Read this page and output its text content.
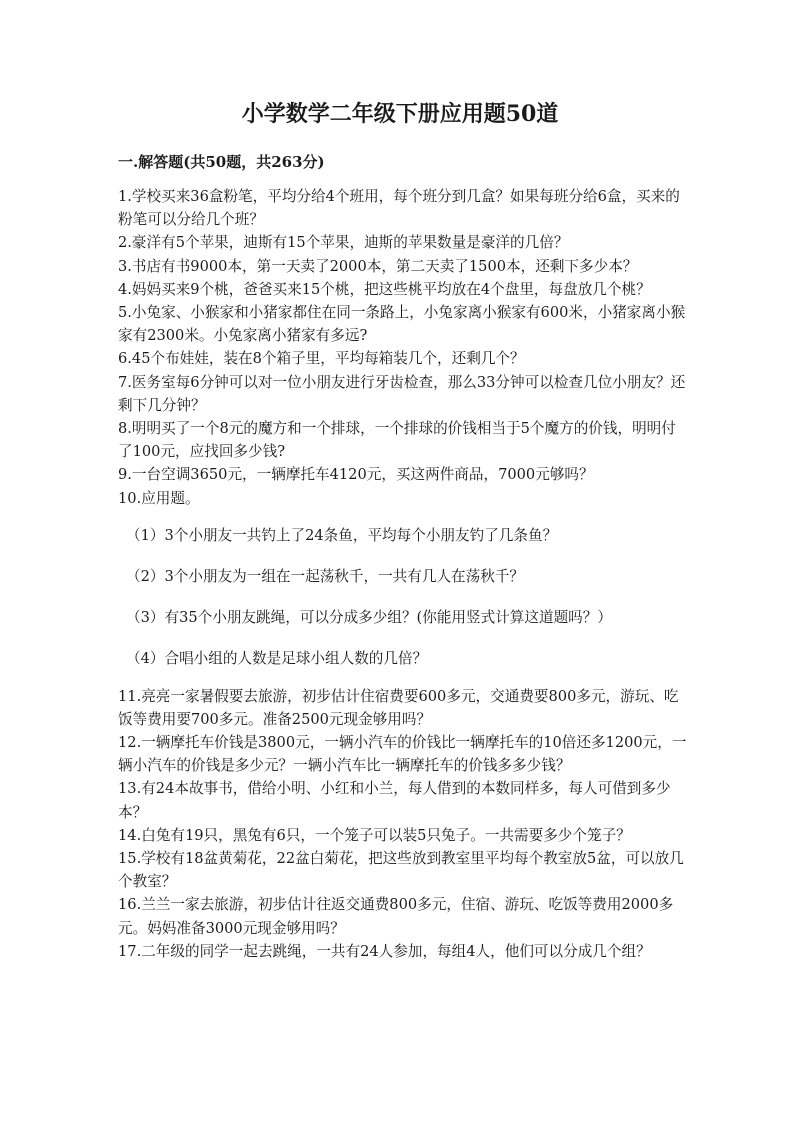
小学数学二年级下册应用题50道
一.解答题(共50题，共263分)

1.学校买来36盒粉笔，平均分给4个班用，每个班分到几盒？如果每班分给6盒，买来的粉笔可以分给几个班？

2.豪洋有5个苹果，迪斯有15个苹果，迪斯的苹果数量是豪洋的几倍？

3.书店有书9000本，第一天卖了2000本，第二天卖了1500本，还剩下多少本？

4.妈妈买来9个桃，爸爸买来15个桃，把这些桃平均放在4个盘里，每盘放几个桃？

5.小兔家、小猴家和小猪家都住在同一条路上，小兔家离小猴家有600米，小猪家离小猴家有2300米。小兔家离小猪家有多远?

6.45个布娃娃，装在8个箱子里，平均每箱装几个，还剩几个？

7.医务室每6分钟可以对一位小朋友进行牙齿检查，那么33分钟可以检查几位小朋友？还剩下几分钟？

8.明明买了一个8元的魔方和一个排球，一个排球的价钱相当于5个魔方的价钱，明明付了100元，应找回多少钱?

9.一台空调3650元，一辆摩托车4120元，买这两件商品，7000元够吗？

10.应用题。

（1）3个小朋友一共钓上了24条鱼，平均每个小朋友钓了几条鱼？

（2）3个小朋友为一组在一起荡秋千，一共有几人在荡秋千？

（3）有35个小朋友跳绳，可以分成多少组？(你能用竖式计算这道题吗？）

（4）合唱小组的人数是足球小组人数的几倍？

11.亮亮一家暑假要去旅游，初步估计住宿费要600多元，交通费要800多元，游玩、吃饭等费用要700多元。准备2500元现金够用吗？

12.一辆摩托车价钱是3800元，一辆小汽车的价钱比一辆摩托车的10倍还多1200元，一辆小汽车的价钱是多少元？一辆小汽车比一辆摩托车的价钱多多少钱？

13.有24本故事书，借给小明、小红和小兰，每人借到的本数同样多，每人可借到多少本？

14.白兔有19只，黑兔有6只，一个笼子可以装5只兔子。一共需要多少个笼子？

15.学校有18盆黄菊花，22盆白菊花，把这些放到教室里平均每个教室放5盆，可以放几个教室？

16.兰兰一家去旅游，初步估计往返交通费800多元，住宿、游玩、吃饭等费用2000多元。妈妈准备3000元现金够用吗？

17.二年级的同学一起去跳绳，一共有24人参加，每组4人，他们可以分成几个组？
